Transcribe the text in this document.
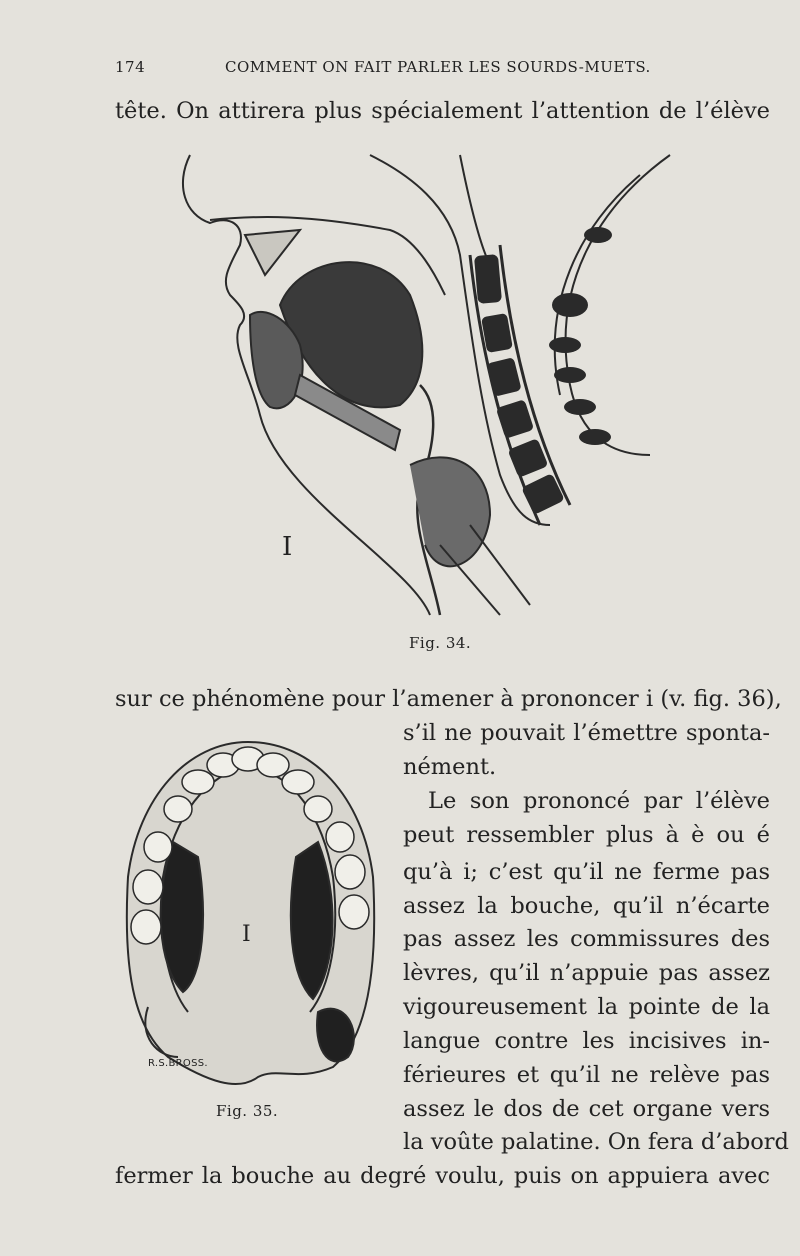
174	COMMENT ON FAIT PARLER LES SOURDS-MUETS.
tête. On attirera plus spécialement l’attention de l’élève
I
Fig. 34.
sur ce phénomène pour l’amener à prononcer i (v. fig. 36),
I
R.S.BROSS.
Fig. 35.
s’il ne pouvait l’émettre sponta-
nément.
Le son prononcé par l’élève
peut ressembler plus à è ou é
qu’à i; c’est qu’il ne ferme pas
assez la bouche, qu’il n’écarte
pas assez les commissures des
lèvres, qu’il n’appuie pas assez
vigoureusement la pointe de la
langue contre les incisives in-
férieures et qu’il ne relève pas
assez le dos de cet organe vers
la voûte palatine. On fera d’abord
fermer la bouche au degré voulu, puis on appuiera avec
